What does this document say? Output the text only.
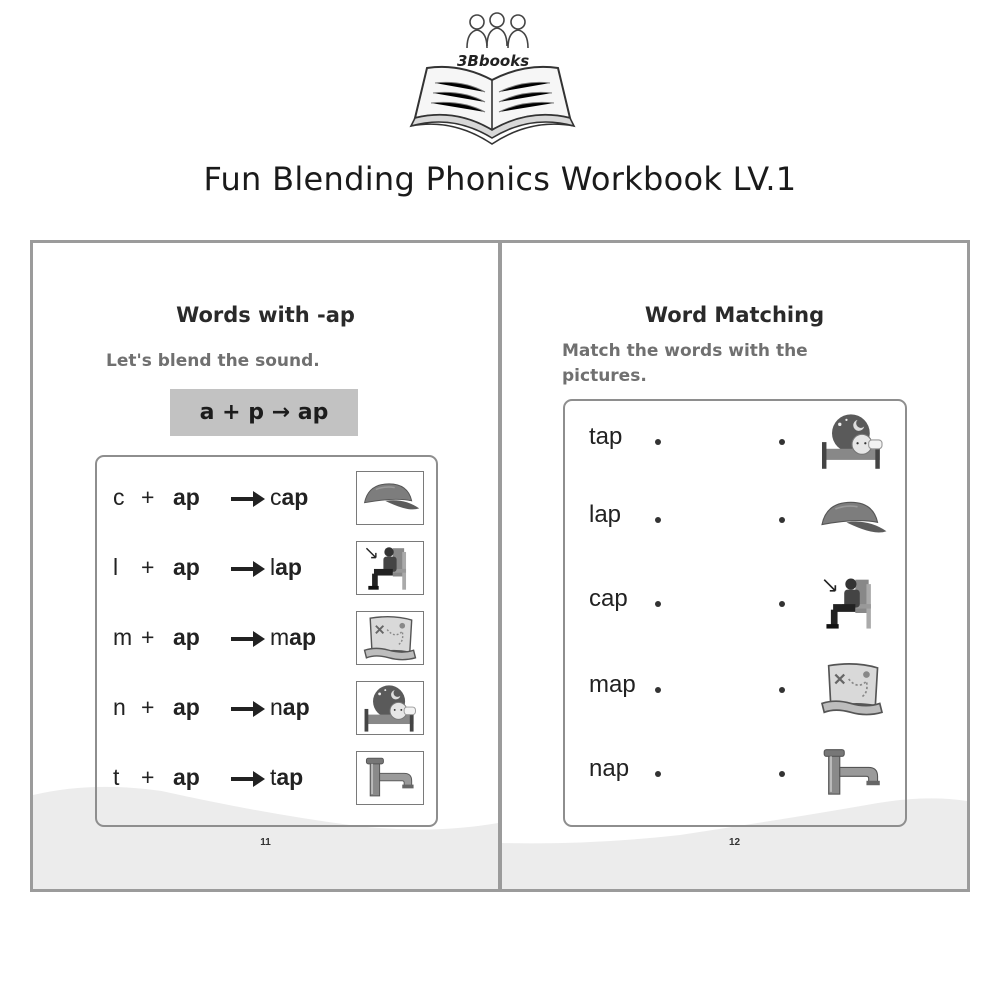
3Bbooks
Fun Blending Phonics Workbook LV.1
Words with -ap
Let's blend the sound.
a + p → ap
c + ap	cap
l + ap	lap
m + ap	map
n + ap	nap
t + ap	tap
11
Word Matching
Match the words with the pictures.
tap
lap
cap
map
nap
12
